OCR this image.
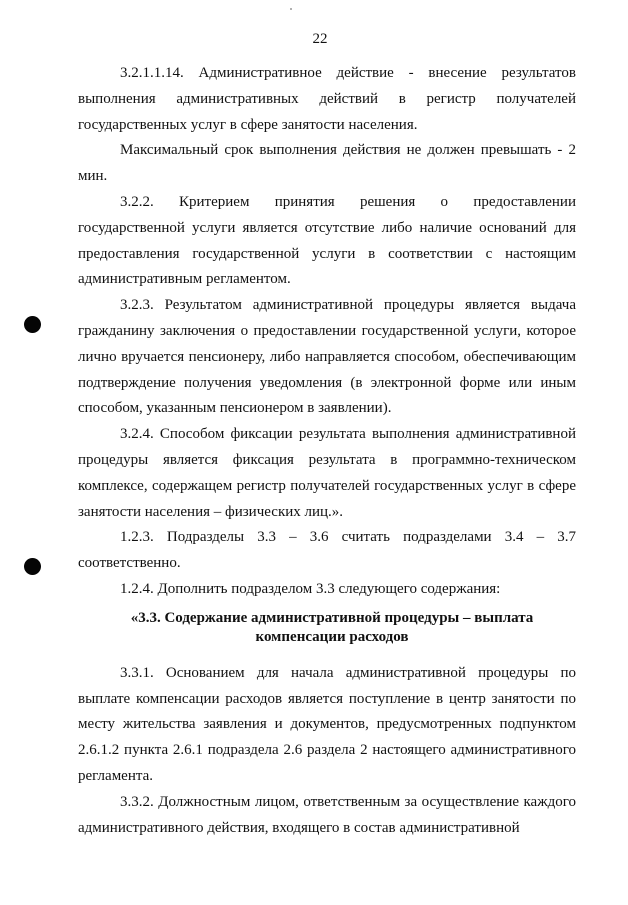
22

3.2.1.1.14. Административное действие - внесение результатов выполнения административных действий в регистр получателей государственных услуг в сфере занятости населения.

Максимальный срок выполнения действия не должен превышать - 2 мин.

3.2.2. Критерием принятия решения о предоставлении государственной услуги является отсутствие либо наличие оснований для предоставления государственной услуги в соответствии с настоящим административным регламентом.

3.2.3. Результатом административной процедуры является выдача гражданину заключения о предоставлении государственной услуги, которое лично вручается пенсионеру, либо направляется способом, обеспечивающим подтверждение получения уведомления (в электронной форме или иным способом, указанным пенсионером в заявлении).

3.2.4. Способом фиксации результата выполнения административной процедуры является фиксация результата в программно-техническом комплексе, содержащем регистр получателей государственных услуг в сфере занятости населения – физических лиц.».

1.2.3. Подразделы 3.3 – 3.6 считать подразделами 3.4 – 3.7 соответственно.

1.2.4. Дополнить подразделом 3.3 следующего содержания:

«3.3. Содержание административной процедуры – выплата
компенсации расходов

3.3.1. Основанием для начала административной процедуры по выплате компенсации расходов является поступление в центр занятости по месту жительства заявления и документов, предусмотренных подпунктом 2.6.1.2 пункта 2.6.1 подраздела 2.6 раздела 2 настоящего административного регламента.

3.3.2. Должностным лицом, ответственным за осуществление каждого административного действия, входящего в состав административной
